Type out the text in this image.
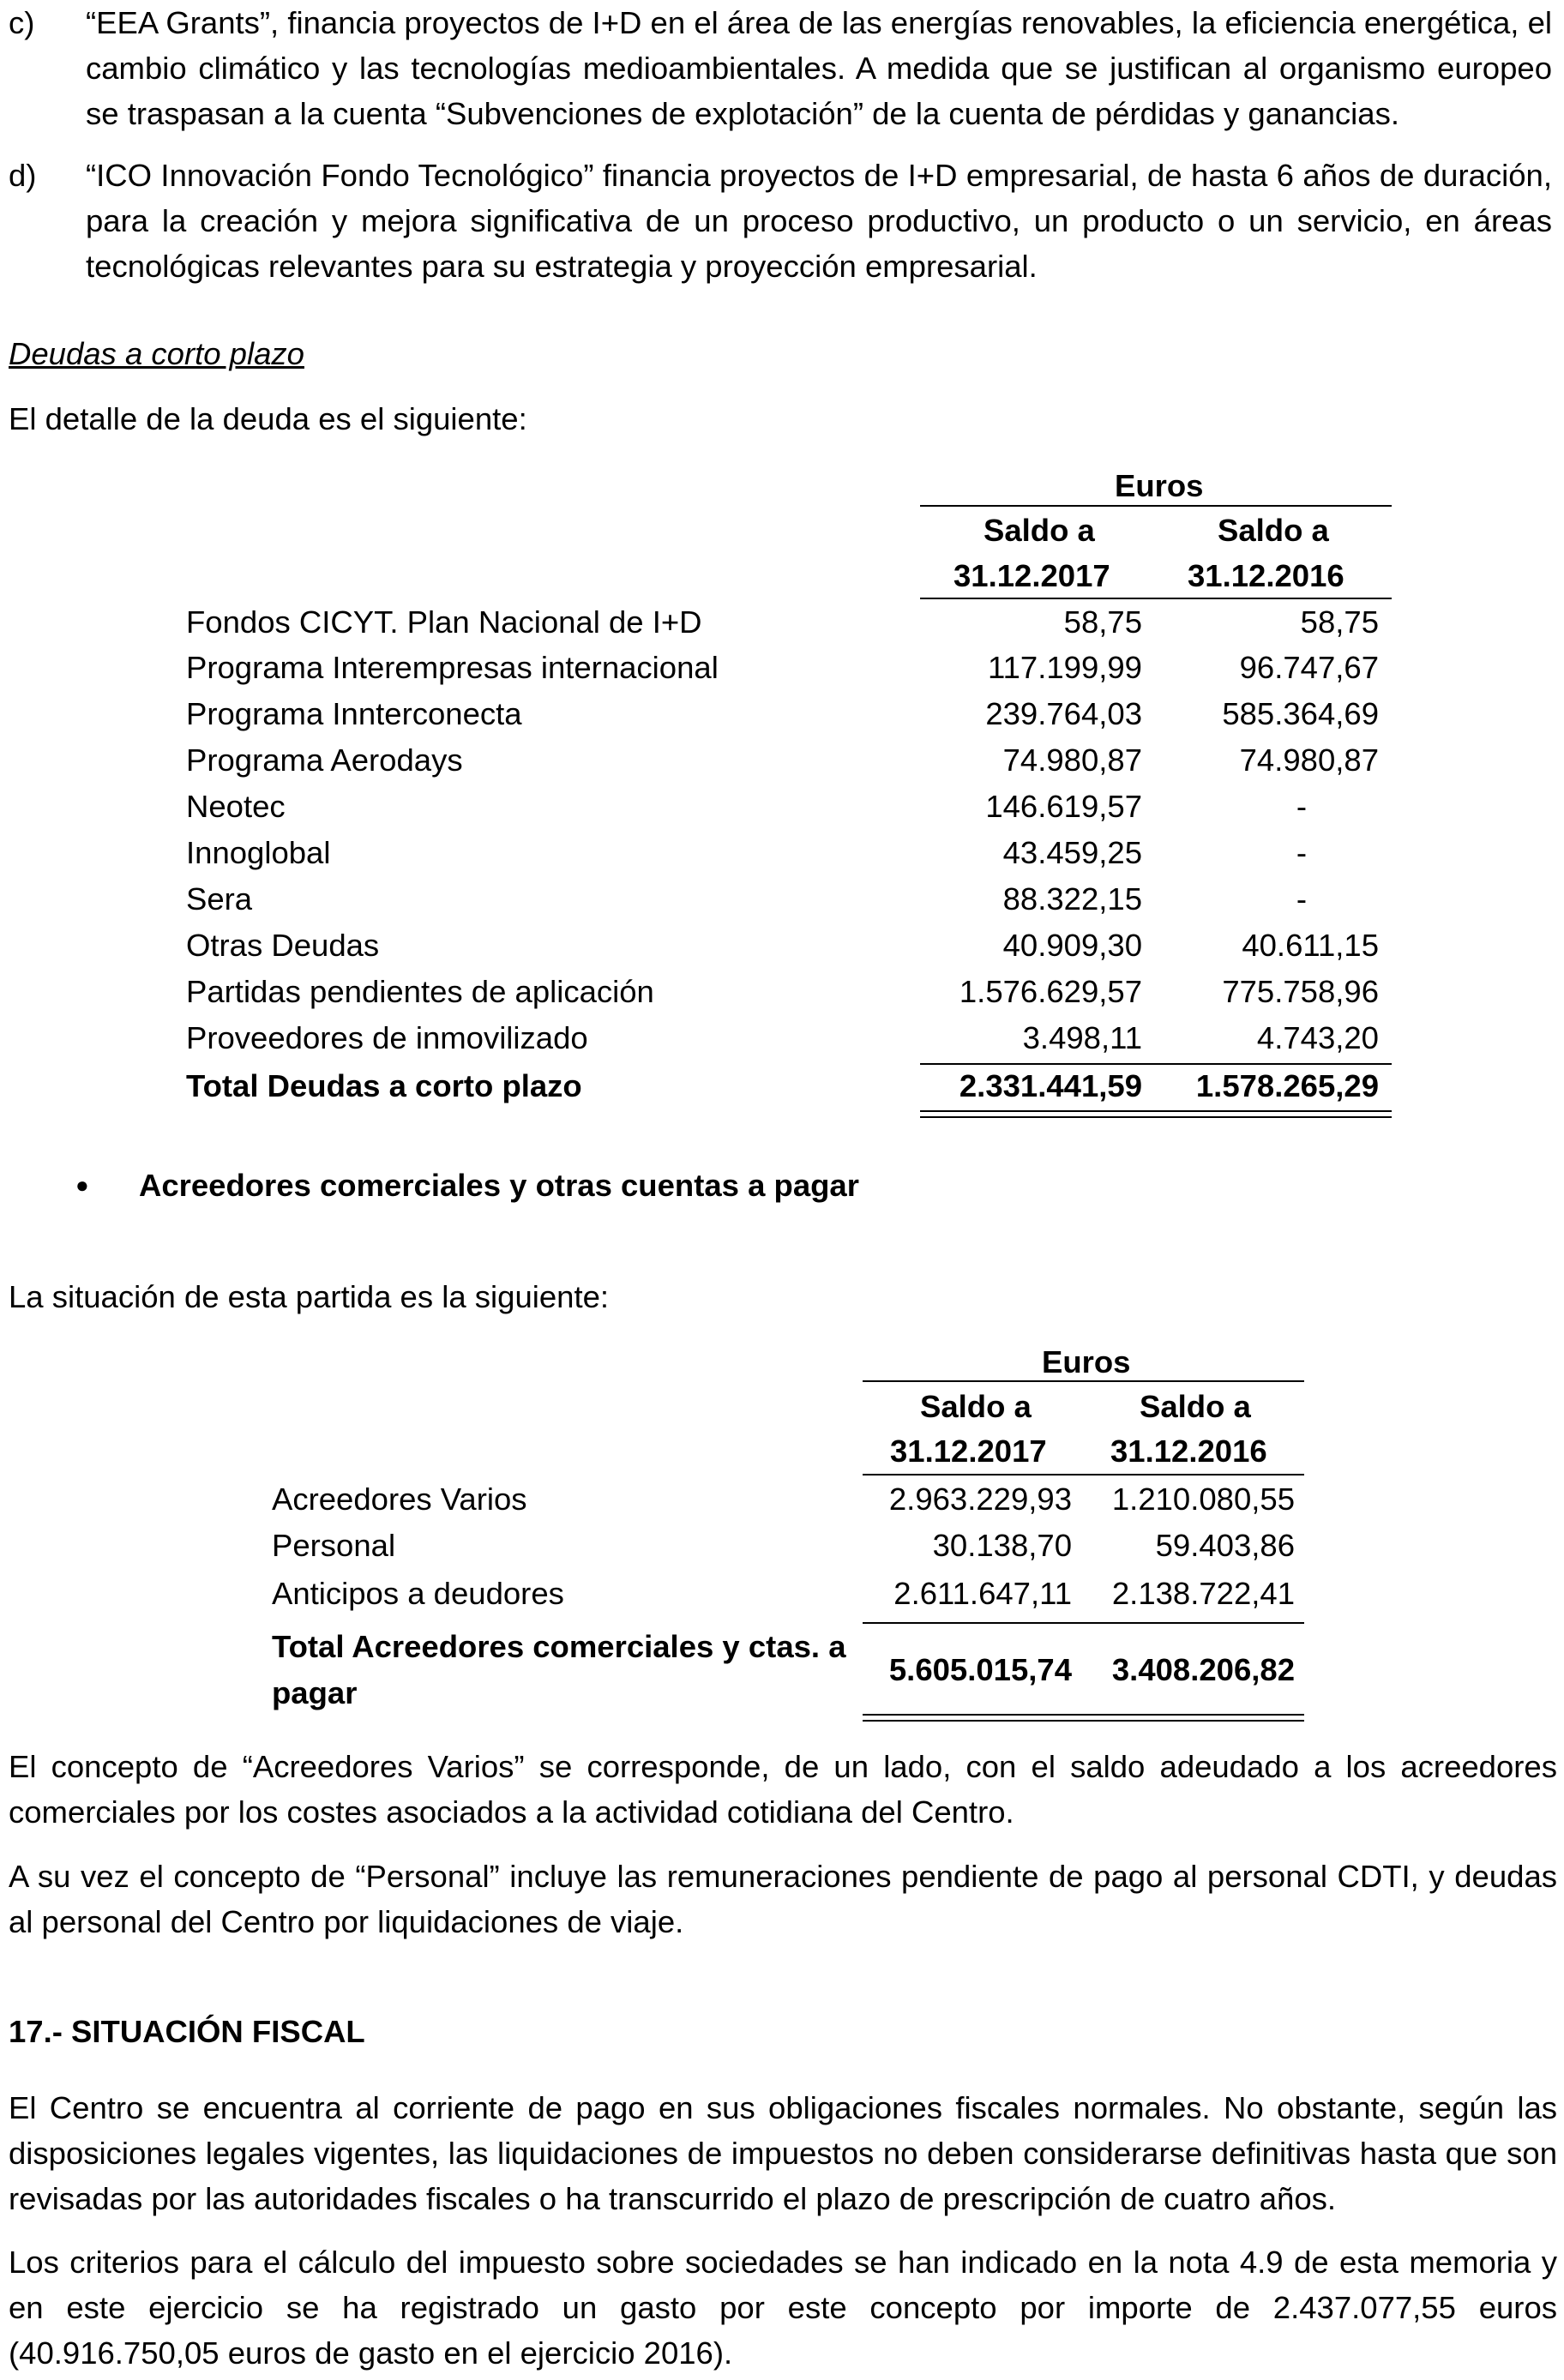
c) “EEA Grants”, financia proyectos de I+D en el área de las energías renovables, la eficiencia energética, el cambio climático y las tecnologías medioambientales. A medida que se justifican al organismo europeo se traspasan a la cuenta “Subvenciones de explotación” de la cuenta de pérdidas y ganancias.
d) “ICO Innovación Fondo Tecnológico” financia proyectos de I+D empresarial, de hasta 6 años de duración, para la creación y mejora significativa de un proceso productivo, un producto o un servicio, en áreas tecnológicas relevantes para su estrategia y proyección empresarial.
Deudas a corto plazo
El detalle de la deuda es el siguiente:
Euros
Saldo a
31.12.2017
Saldo a
31.12.2016
Fondos CICYT. Plan Nacional de I+D	58,75	58,75
Programa Interempresas internacional	117.199,99	96.747,67
Programa Innterconecta	239.764,03	585.364,69
Programa Aerodays	74.980,87	74.980,87
Neotec	146.619,57	-
Innoglobal	43.459,25	-
Sera	88.322,15	-
Otras Deudas	40.909,30	40.611,15
Partidas pendientes de aplicación	1.576.629,57	775.758,96
Proveedores de inmovilizado	3.498,11	4.743,20
Total Deudas a corto plazo	2.331.441,59 1.578.265,29
● Acreedores comerciales y otras cuentas a pagar
La situación de esta partida es la siguiente:
Euros
Saldo a
31.12.2017
Saldo a
31.12.2016
Acreedores Varios	2.963.229,93 1.210.080,55
Personal	30.138,70	59.403,86
Anticipos a deudores	2.611.647,11 2.138.722,41
Total Acreedores comerciales y ctas. a
pagar
5.605.015,74 3.408.206,82
El concepto de “Acreedores Varios” se corresponde, de un lado, con el saldo adeudado a los acreedores comerciales por los costes asociados a la actividad cotidiana del Centro.
A su vez el concepto de “Personal” incluye las remuneraciones pendiente de pago al personal CDTI, y deudas al personal del Centro por liquidaciones de viaje.
17.- SITUACIÓN FISCAL
El Centro se encuentra al corriente de pago en sus obligaciones fiscales normales. No obstante, según las disposiciones legales vigentes, las liquidaciones de impuestos no deben considerarse definitivas hasta que son revisadas por las autoridades fiscales o ha transcurrido el plazo de prescripción de cuatro años.
Los criterios para el cálculo del impuesto sobre sociedades se han indicado en la nota 4.9 de esta memoria y en este ejercicio se ha registrado un gasto por este concepto por importe de 2.437.077,55 euros (40.916.750,05 euros de gasto en el ejercicio 2016).
